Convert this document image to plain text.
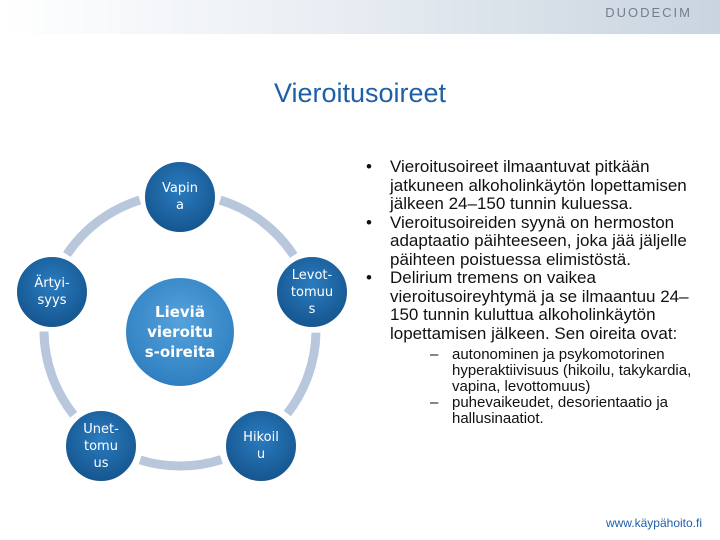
DUODECIM
Vieroitusoireet
Lieviä
vieroitu
s-oireita
Vapin
a
Levot-
tomuu
s
Hikoil
u
Unet-
tomu
us
Ärtyi-
syys
• Vieroitusoireet ilmaantuvat pitkään jatkuneen alkoholinkäytön lopettamisen jälkeen 24–150 tunnin kuluessa.
• Vieroitusoireiden syynä on hermoston adaptaatio päihteeseen, joka jää jäljelle päihteen poistuessa elimistöstä.
• Delirium tremens on vaikea vieroitusoireyhtymä ja se ilmaantuu 24–150 tunnin kuluttua alkoholinkäytön lopettamisen jälkeen. Sen oireita ovat:
– autonominen ja psykomotorinen hyperaktiivisuus (hikoilu, takykardia, vapina, levottomuus)
– puhevaikeudet, desorientaatio ja hallusinaatiot.
www.käypähoito.fi
